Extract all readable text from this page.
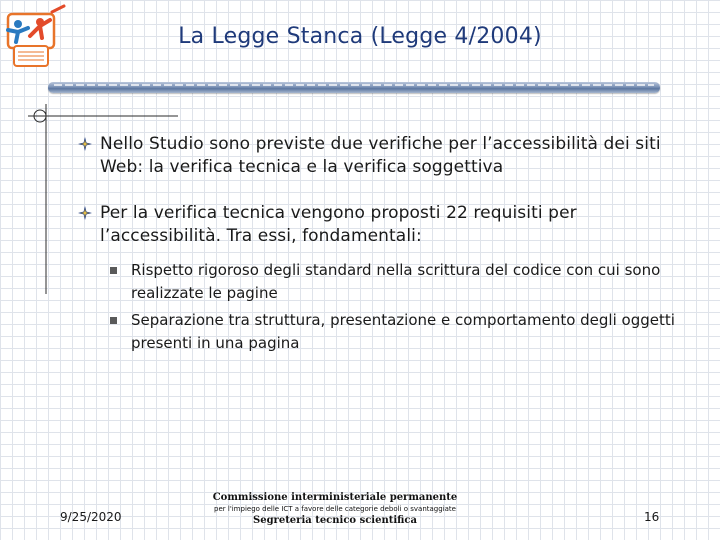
La Legge Stanca (Legge 4/2004)
Nello Studio sono previste due verifiche per l’accessibilità dei siti Web: la verifica tecnica e la verifica soggettiva
Per la verifica tecnica vengono proposti 22 requisiti per l’accessibilità. Tra essi, fondamentali:
Rispetto rigoroso degli standard nella scrittura del codice con cui sono realizzate le pagine
Separazione tra struttura, presentazione e comportamento degli oggetti presenti in una pagina
9/25/2020
Commissione interministeriale permanente
per l'impiego delle ICT a favore delle categorie deboli o svantaggiate
Segreteria tecnico scientifica	16
